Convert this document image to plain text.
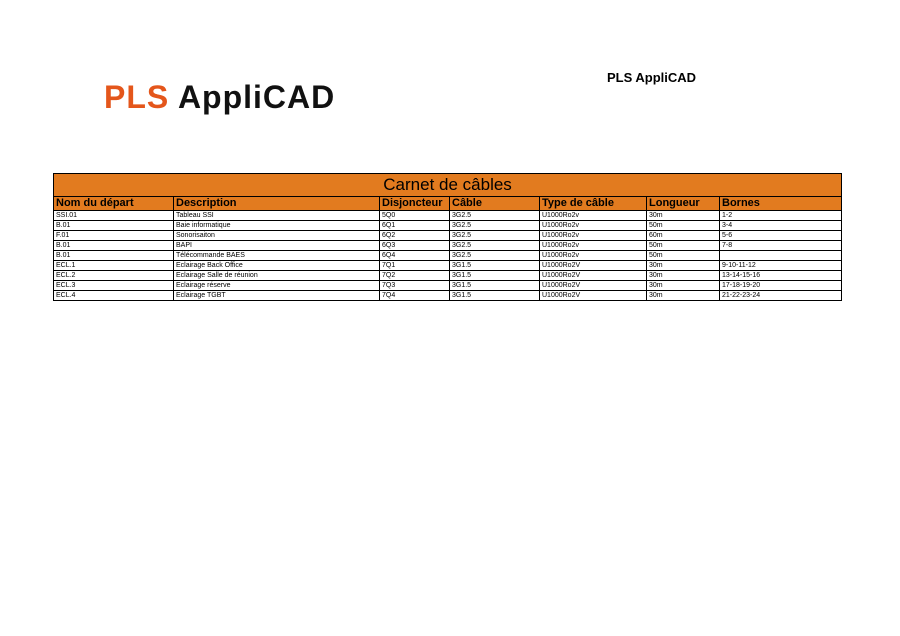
PLS AppliCAD
PLS AppliCAD
Carnet de câbles						
Nom du départ	Description	Disjoncteur	Câble	Type de câble	Longueur	Bornes
SSI.01	Tableau SSI	5Q0	3G2.5	U1000Ro2v	30m	1-2
B.01	Baie informatique	6Q1	3G2.5	U1000Ro2v	50m	3-4
F.01	Sonorisaiton	6Q2	3G2.5	U1000Ro2v	60m	5-6
B.01	BAPI	6Q3	3G2.5	U1000Ro2v	50m	7-8
B.01	Télécommande BAES	6Q4	3G2.5	U1000Ro2v	50m	
ECL.1	Eclairage Back Office	7Q1	3G1.5	U1000Ro2V	30m	9-10-11-12
ECL.2	Eclairage Salle de réunion	7Q2	3G1.5	U1000Ro2V	30m	13-14-15-16
ECL.3	Eclairage réserve	7Q3	3G1.5	U1000Ro2V	30m	17-18-19-20
ECL.4	Eclairage TGBT	7Q4	3G1.5	U1000Ro2V	30m	21-22-23-24
